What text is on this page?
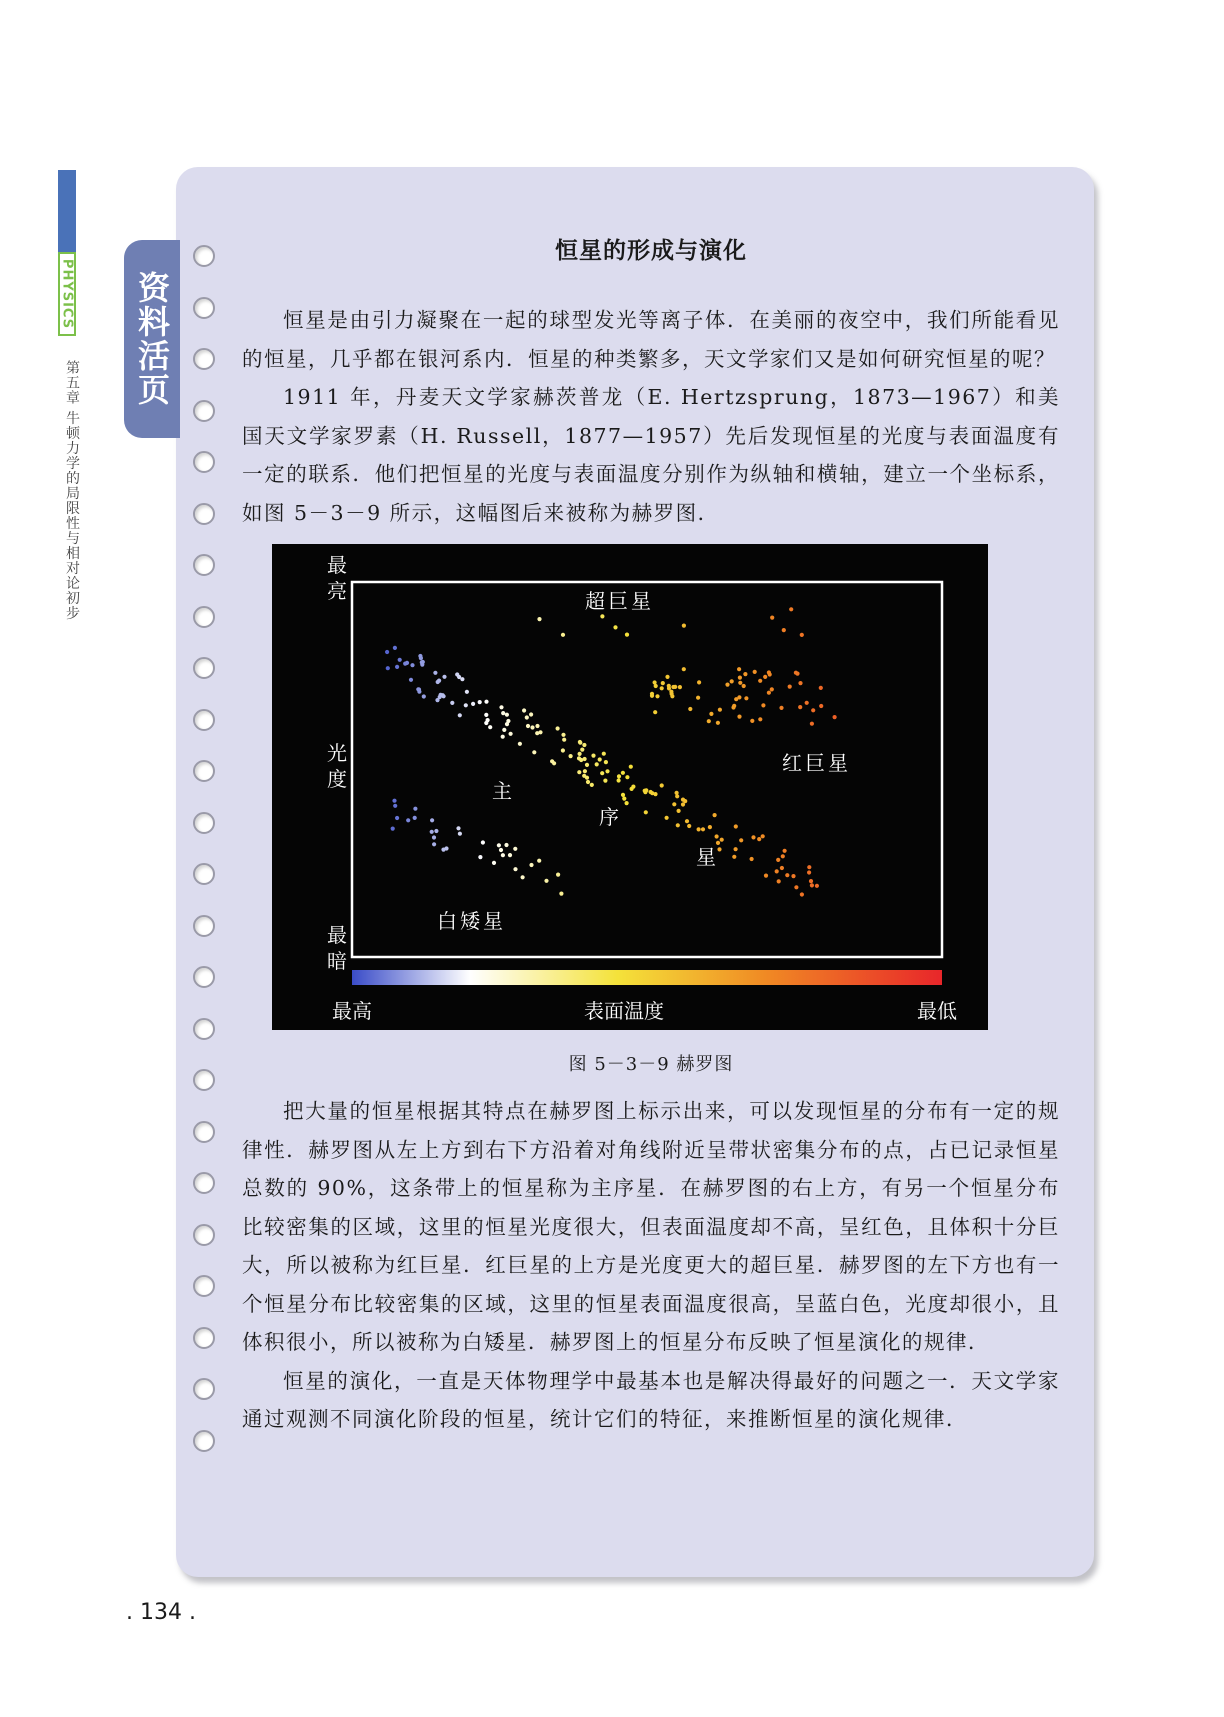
PHYSICS
第五章 牛顿力学的局限性与相对论初步
资料活页
恒星的形成与演化

恒星是由引力凝聚在一起的球型发光等离子体．在美丽的夜空中，我们所能看见的恒星，几乎都在银河系内．恒星的种类繁多，天文学家们又是如何研究恒星的呢？

1911 年，丹麦天文学家赫茨普龙（E. Hertzsprung，1873—1967）和美国天文学家罗素（H. Russell，1877—1957）先后发现恒星的光度与表面温度有一定的联系．他们把恒星的光度与表面温度分别作为纵轴和横轴，建立一个坐标系，如图 5－3－9 所示，这幅图后来被称为赫罗图．

最
亮
光
度
最
暗
超巨星
红巨星
主
序
星
白矮星
最高	表面温度	最低
图 5－3－9 赫罗图

把大量的恒星根据其特点在赫罗图上标示出来，可以发现恒星的分布有一定的规律性．赫罗图从左上方到右下方沿着对角线附近呈带状密集分布的点，占已记录恒星总数的 90%，这条带上的恒星称为主序星．在赫罗图的右上方，有另一个恒星分布比较密集的区域，这里的恒星光度很大，但表面温度却不高，呈红色，且体积十分巨大，所以被称为红巨星．红巨星的上方是光度更大的超巨星．赫罗图的左下方也有一个恒星分布比较密集的区域，这里的恒星表面温度很高，呈蓝白色，光度却很小，且体积很小，所以被称为白矮星．赫罗图上的恒星分布反映了恒星演化的规律．

恒星的演化，一直是天体物理学中最基本也是解决得最好的问题之一．天文学家通过观测不同演化阶段的恒星，统计它们的特征，来推断恒星的演化规律．

. 134 .
